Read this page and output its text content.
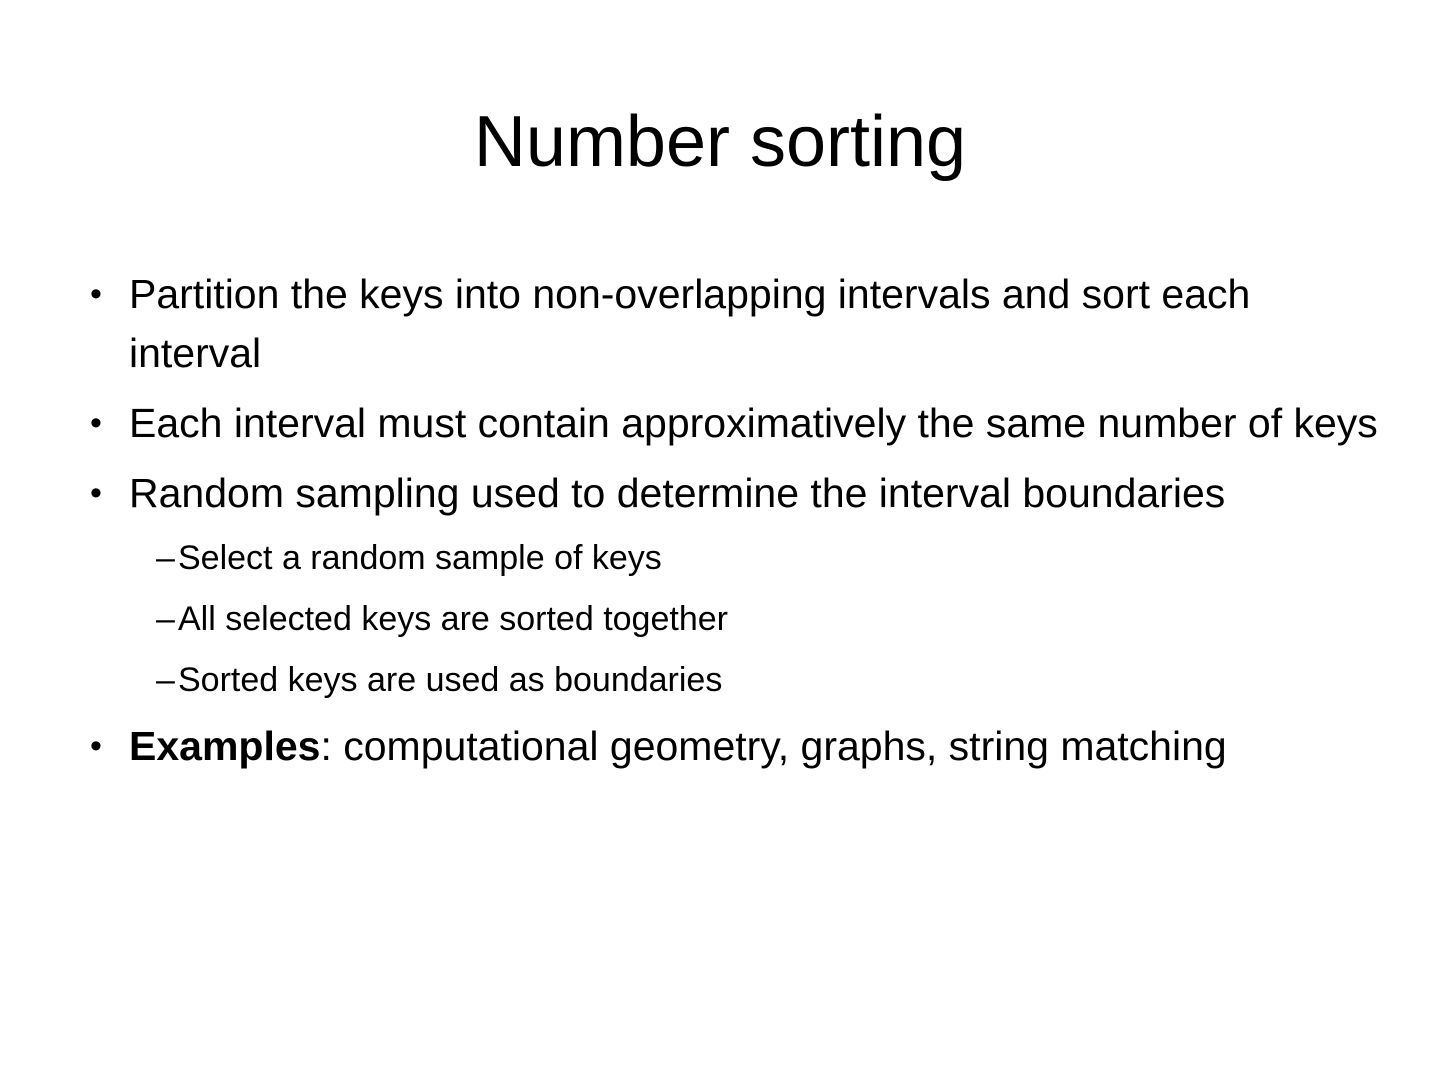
Number sorting
• Partition the keys into non-overlapping intervals and sort each interval
• Each interval must contain approximatively the same number of keys
• Random sampling used to determine the interval boundaries
– Select a random sample of keys
– All selected keys are sorted together
– Sorted keys are used as boundaries
• Examples: computational geometry, graphs, string matching
